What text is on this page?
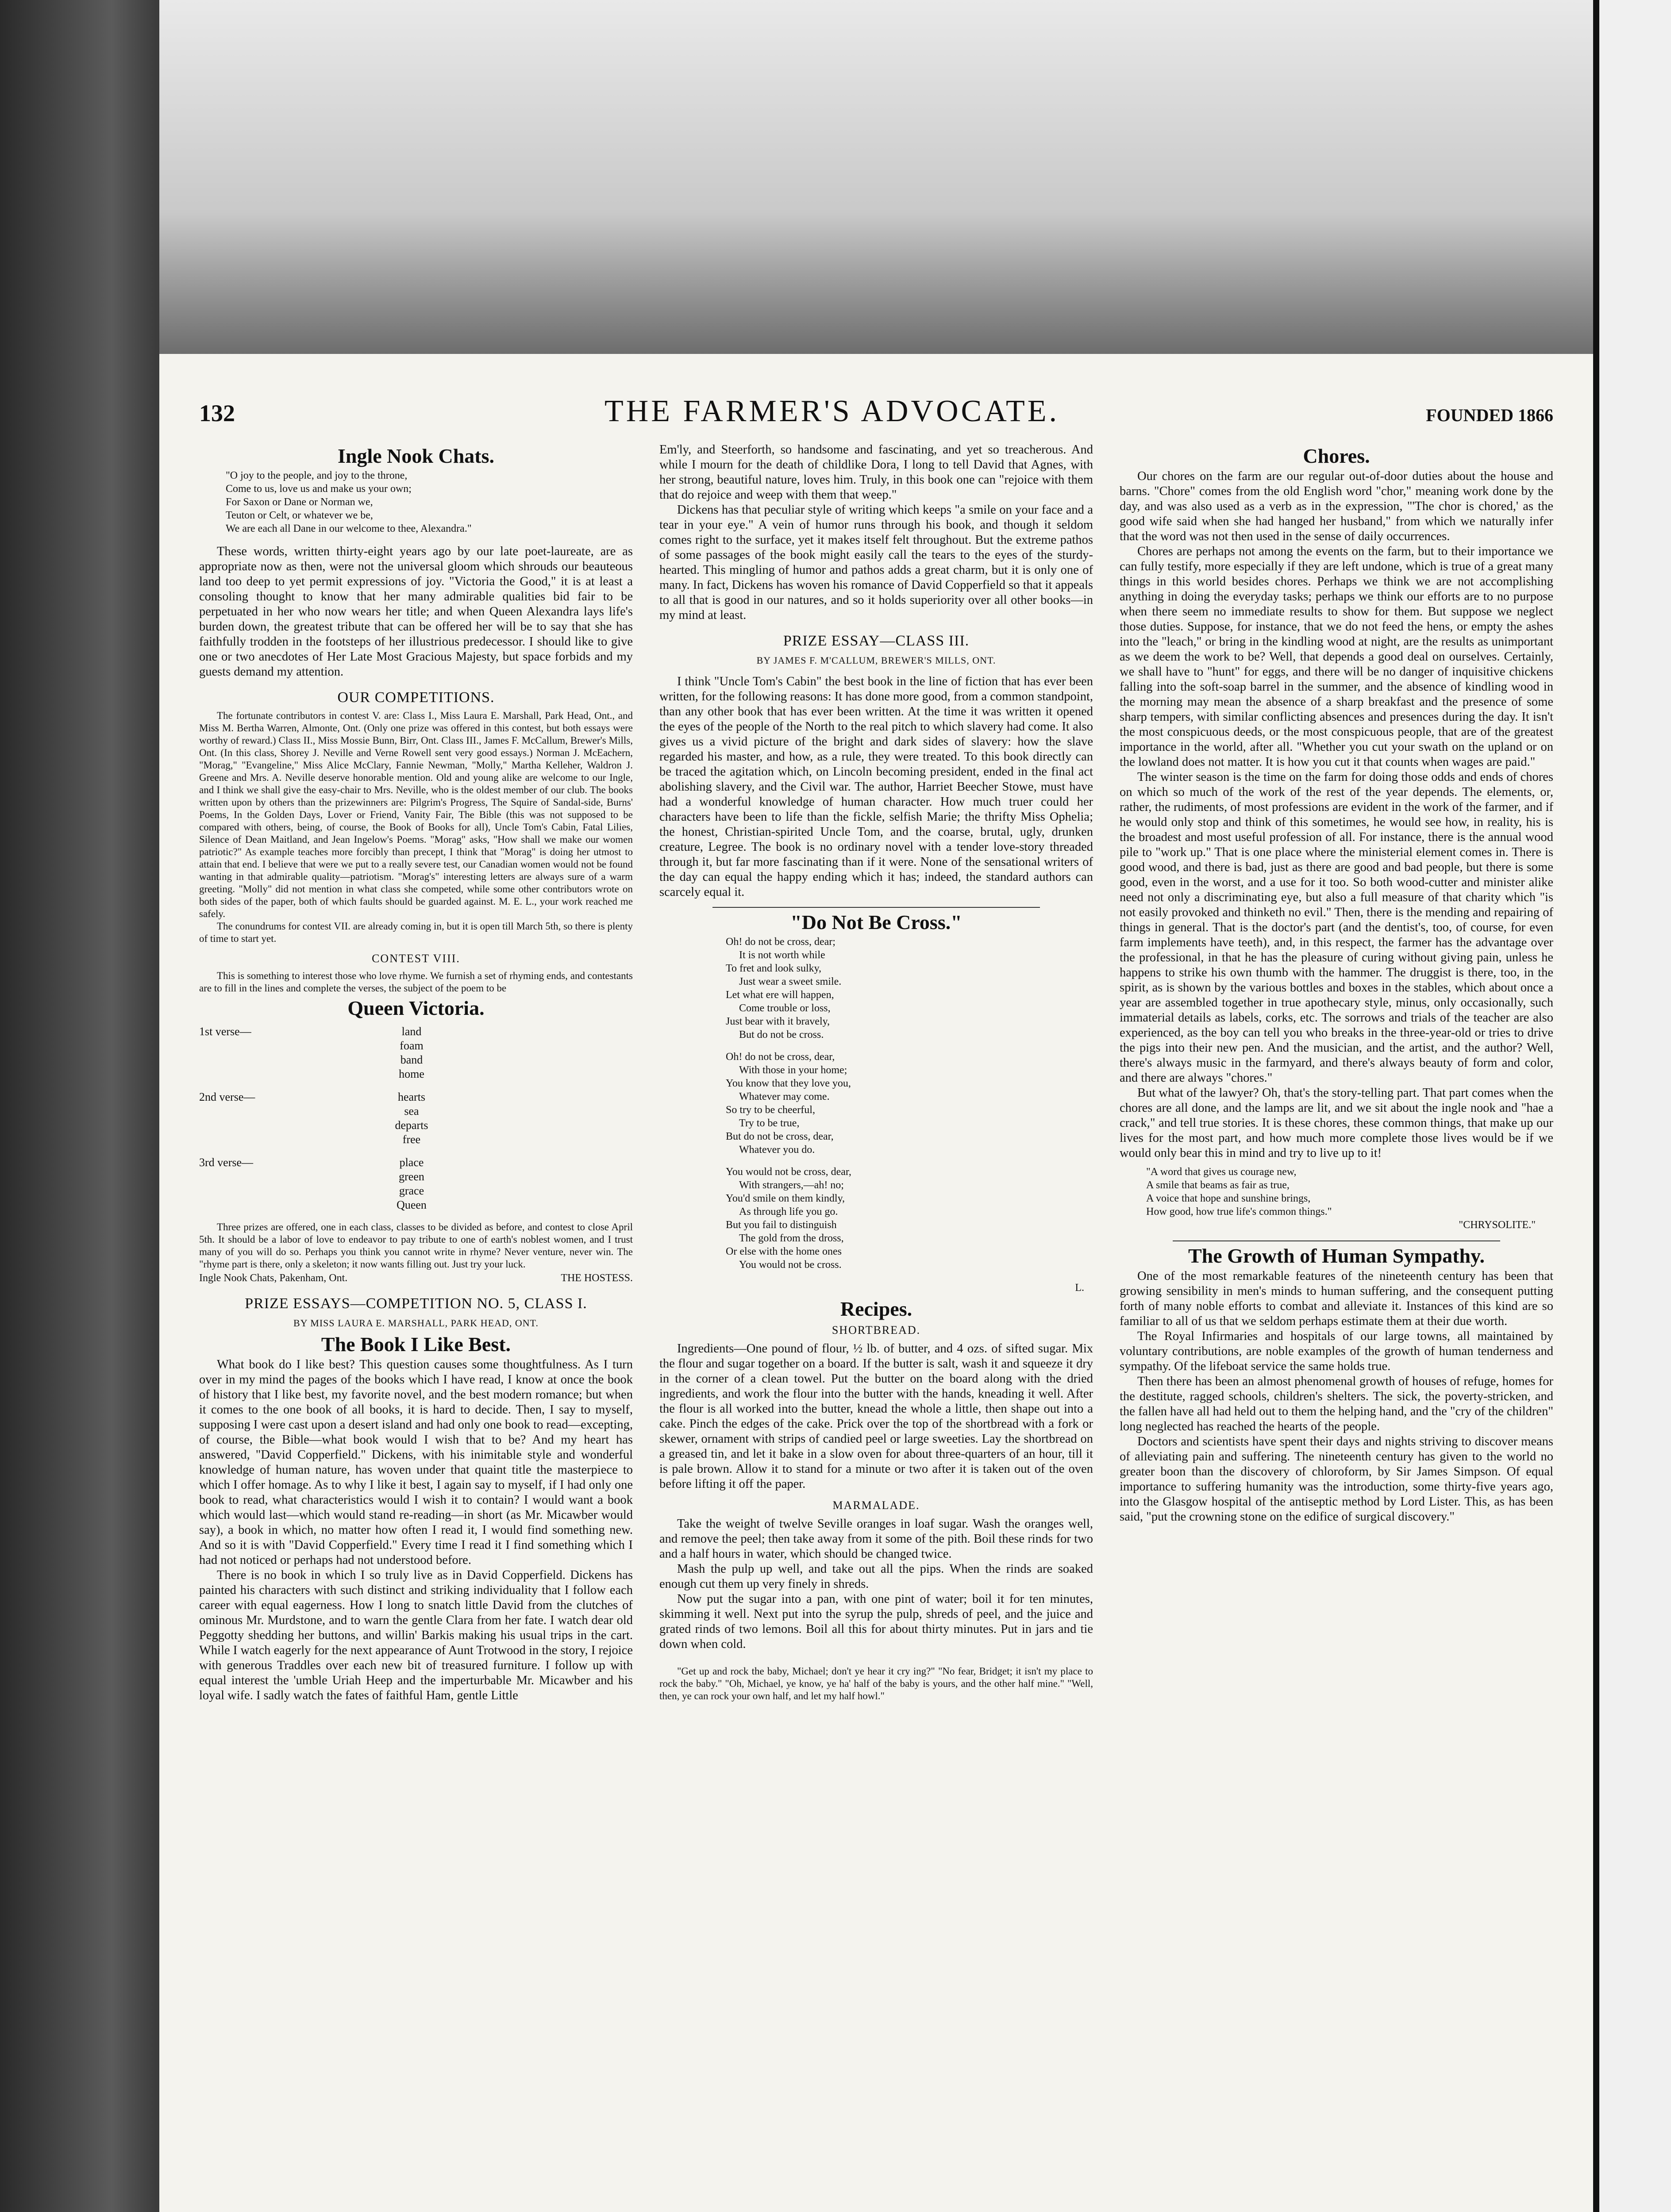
132	THE FARMER'S ADVOCATE.	FOUNDED 1866
Ingle Nook Chats.
"O joy to the people, and joy to the throne,
Come to us, love us and make us your own;
For Saxon or Dane or Norman we,
Teuton or Celt, or whatever we be,
We are each all Dane in our welcome to thee, Alexandra."

These words, written thirty-eight years ago by our late poet-laureate, are as appropriate now as then, were not the universal gloom which shrouds our beauteous land too deep to yet permit expressions of joy. "Victoria the Good," it is at least a consoling thought to know that her many admirable qualities bid fair to be perpetuated in her who now wears her title; and when Queen Alexandra lays life's burden down, the greatest tribute that can be offered her will be to say that she has faithfully trodden in the footsteps of her illustrious predecessor. I should like to give one or two anecdotes of Her Late Most Gracious Majesty, but space forbids and my guests demand my attention.

OUR COMPETITIONS.

The fortunate contributors in contest V. are: Class I., Miss Laura E. Marshall, Park Head, Ont., and Miss M. Bertha Warren, Almonte, Ont. (Only one prize was offered in this contest, but both essays were worthy of reward.) Class II., Miss Mossie Bunn, Birr, Ont. Class III., James F. McCallum, Brewer's Mills, Ont. (In this class, Shorey J. Neville and Verne Rowell sent very good essays.) Norman J. McEachern, "Morag," "Evangeline," Miss Alice McClary, Fannie Newman, "Molly," Martha Kelleher, Waldron J. Greene and Mrs. A. Neville deserve honorable mention. Old and young alike are welcome to our Ingle, and I think we shall give the easy-chair to Mrs. Neville, who is the oldest member of our club. The books written upon by others than the prizewinners are: Pilgrim's Progress, The Squire of Sandal-side, Burns' Poems, In the Golden Days, Lover or Friend, Vanity Fair, The Bible (this was not supposed to be compared with others, being, of course, the Book of Books for all), Uncle Tom's Cabin, Fatal Lilies, Silence of Dean Maitland, and Jean Ingelow's Poems. "Morag" asks, "How shall we make our women patriotic?" As example teaches more forcibly than precept, I think that "Morag" is doing her utmost to attain that end. I believe that were we put to a really severe test, our Canadian women would not be found wanting in that admirable quality—patriotism. "Morag's" interesting letters are always sure of a warm greeting. "Molly" did not mention in what class she competed, while some other contributors wrote on both sides of the paper, both of which faults should be guarded against. M. E. L., your work reached me safely.

The conundrums for contest VII. are already coming in, but it is open till March 5th, so there is plenty of time to start yet.

CONTEST VIII.

This is something to interest those who love rhyme. We furnish a set of rhyming ends, and contestants are to fill in the lines and complete the verses, the subject of the poem to be

Queen Victoria.
1st verse—	land
foam
band
home
2nd verse—	hearts
sea
departs
free
3rd verse—	place
green
grace
Queen

Three prizes are offered, one in each class, classes to be divided as before, and contest to close April 5th. It should be a labor of love to endeavor to pay tribute to one of earth's noblest women, and I trust many of you will do so. Perhaps you think you cannot write in rhyme? Never venture, never win. The "rhyme part is there, only a skeleton; it now wants filling out. Just try your luck.

Ingle Nook Chats, Pakenham, Ont.	THE HOSTESS.
PRIZE ESSAYS—COMPETITION NO. 5, CLASS I.
BY MISS LAURA E. MARSHALL, PARK HEAD, ONT.
The Book I Like Best.

What book do I like best? This question causes some thoughtfulness. As I turn over in my mind the pages of the books which I have read, I know at once the book of history that I like best, my favorite novel, and the best modern romance; but when it comes to the one book of all books, it is hard to decide. Then, I say to myself, supposing I were cast upon a desert island and had only one book to read—excepting, of course, the Bible—what book would I wish that to be? And my heart has answered, "David Copperfield." Dickens, with his inimitable style and wonderful knowledge of human nature, has woven under that quaint title the masterpiece to which I offer homage. As to why I like it best, I again say to myself, if I had only one book to read, what characteristics would I wish it to contain? I would want a book which would last—which would stand re-reading—in short (as Mr. Micawber would say), a book in which, no matter how often I read it, I would find something new. And so it is with "David Copperfield." Every time I read it I find something which I had not noticed or perhaps had not understood before.

There is no book in which I so truly live as in David Copperfield. Dickens has painted his characters with such distinct and striking individuality that I follow each career with equal eagerness. How I long to snatch little David from the clutches of ominous Mr. Murdstone, and to warn the gentle Clara from her fate. I watch dear old Peggotty shedding her buttons, and willin' Barkis making his usual trips in the cart. While I watch eagerly for the next appearance of Aunt Trotwood in the story, I rejoice with generous Traddles over each new bit of treasured furniture. I follow up with equal interest the 'umble Uriah Heep and the imperturbable Mr. Micawber and his loyal wife. I sadly watch the fates of faithful Ham, gentle Little

Em'ly, and Steerforth, so handsome and fascinating, and yet so treacherous. And while I mourn for the death of childlike Dora, I long to tell David that Agnes, with her strong, beautiful nature, loves him. Truly, in this book one can "rejoice with them that do rejoice and weep with them that weep."

Dickens has that peculiar style of writing which keeps "a smile on your face and a tear in your eye." A vein of humor runs through his book, and though it seldom comes right to the surface, yet it makes itself felt throughout. But the extreme pathos of some passages of the book might easily call the tears to the eyes of the sturdy-hearted. This mingling of humor and pathos adds a great charm, but it is only one of many. In fact, Dickens has woven his romance of David Copperfield so that it appeals to all that is good in our natures, and so it holds superiority over all other books—in my mind at least.

PRIZE ESSAY—CLASS III.
BY JAMES F. M'CALLUM, BREWER'S MILLS, ONT.

I think "Uncle Tom's Cabin" the best book in the line of fiction that has ever been written, for the following reasons: It has done more good, from a common standpoint, than any other book that has ever been written. At the time it was written it opened the eyes of the people of the North to the real pitch to which slavery had come. It also gives us a vivid picture of the bright and dark sides of slavery: how the slave regarded his master, and how, as a rule, they were treated. To this book directly can be traced the agitation which, on Lincoln becoming president, ended in the final act abolishing slavery, and the Civil war. The author, Harriet Beecher Stowe, must have had a wonderful knowledge of human character. How much truer could her characters have been to life than the fickle, selfish Marie; the thrifty Miss Ophelia; the honest, Christian-spirited Uncle Tom, and the coarse, brutal, ugly, drunken creature, Legree. The book is no ordinary novel with a tender love-story threaded through it, but far more fascinating than if it were. None of the sensational writers of the day can equal the happy ending which it has; indeed, the standard authors can scarcely equal it.

"Do Not Be Cross."
Oh! do not be cross, dear;
It is not worth while
To fret and look sulky,
Just wear a sweet smile.
Let what ere will happen,
Come trouble or loss,
Just bear with it bravely,
But do not be cross.
Oh! do not be cross, dear,
With those in your home;
You know that they love you,
Whatever may come.
So try to be cheerful,
Try to be true,
But do not be cross, dear,
Whatever you do.
You would not be cross, dear,
With strangers,—ah! no;
You'd smile on them kindly,
As through life you go.
But you fail to distinguish
The gold from the dross,
Or else with the home ones
You would not be cross.
L.
Recipes.
SHORTBREAD.

Ingredients—One pound of flour, ½ lb. of butter, and 4 ozs. of sifted sugar. Mix the flour and sugar together on a board. If the butter is salt, wash it and squeeze it dry in the corner of a clean towel. Put the butter on the board along with the dried ingredients, and work the flour into the butter with the hands, kneading it well. After the flour is all worked into the butter, knead the whole a little, then shape out into a cake. Pinch the edges of the cake. Prick over the top of the shortbread with a fork or skewer, ornament with strips of candied peel or large sweeties. Lay the shortbread on a greased tin, and let it bake in a slow oven for about three-quarters of an hour, till it is pale brown. Allow it to stand for a minute or two after it is taken out of the oven before lifting it off the paper.

MARMALADE.

Take the weight of twelve Seville oranges in loaf sugar. Wash the oranges well, and remove the peel; then take away from it some of the pith. Boil these rinds for two and a half hours in water, which should be changed twice.

Mash the pulp up well, and take out all the pips. When the rinds are soaked enough cut them up very finely in shreds.

Now put the sugar into a pan, with one pint of water; boil it for ten minutes, skimming it well. Next put into the syrup the pulp, shreds of peel, and the juice and grated rinds of two lemons. Boil all this for about thirty minutes. Put in jars and tie down when cold.

"Get up and rock the baby, Michael; don't ye hear it cry ing?" "No fear, Bridget; it isn't my place to rock the baby." "Oh, Michael, ye know, ye ha' half of the baby is yours, and the other half mine." "Well, then, ye can rock your own half, and let my half howl."

Chores.

Our chores on the farm are our regular out-of-door duties about the house and barns. "Chore" comes from the old English word "chor," meaning work done by the day, and was also used as a verb as in the expression, "'The chor is chored,' as the good wife said when she had hanged her husband," from which we naturally infer that the word was not then used in the sense of daily occurrences.

Chores are perhaps not among the events on the farm, but to their importance we can fully testify, more especially if they are left undone, which is true of a great many things in this world besides chores. Perhaps we think we are not accomplishing anything in doing the everyday tasks; perhaps we think our efforts are to no purpose when there seem no immediate results to show for them. But suppose we neglect those duties. Suppose, for instance, that we do not feed the hens, or empty the ashes into the "leach," or bring in the kindling wood at night, are the results as unimportant as we deem the work to be? Well, that depends a good deal on ourselves. Certainly, we shall have to "hunt" for eggs, and there will be no danger of inquisitive chickens falling into the soft-soap barrel in the summer, and the absence of kindling wood in the morning may mean the absence of a sharp breakfast and the presence of some sharp tempers, with similar conflicting absences and presences during the day. It isn't the most conspicuous deeds, or the most conspicuous people, that are of the greatest importance in the world, after all. "Whether you cut your swath on the upland or on the lowland does not matter. It is how you cut it that counts when wages are paid."

The winter season is the time on the farm for doing those odds and ends of chores on which so much of the work of the rest of the year depends. The elements, or, rather, the rudiments, of most professions are evident in the work of the farmer, and if he would only stop and think of this sometimes, he would see how, in reality, his is the broadest and most useful profession of all. For instance, there is the annual wood pile to "work up." That is one place where the ministerial element comes in. There is good wood, and there is bad, just as there are good and bad people, but there is some good, even in the worst, and a use for it too. So both wood-cutter and minister alike need not only a discriminating eye, but also a full measure of that charity which "is not easily provoked and thinketh no evil." Then, there is the mending and repairing of things in general. That is the doctor's part (and the dentist's, too, of course, for even farm implements have teeth), and, in this respect, the farmer has the advantage over the professional, in that he has the pleasure of curing without giving pain, unless he happens to strike his own thumb with the hammer. The druggist is there, too, in the spirit, as is shown by the various bottles and boxes in the stables, which about once a year are assembled together in true apothecary style, minus, only occasionally, such immaterial details as labels, corks, etc. The sorrows and trials of the teacher are also experienced, as the boy can tell you who breaks in the three-year-old or tries to drive the pigs into their new pen. And the musician, and the artist, and the author? Well, there's always music in the farmyard, and there's always beauty of form and color, and there are always "chores."

But what of the lawyer? Oh, that's the story-telling part. That part comes when the chores are all done, and the lamps are lit, and we sit about the ingle nook and "hae a crack," and tell true stories. It is these chores, these common things, that make up our lives for the most part, and how much more complete those lives would be if we would only bear this in mind and try to live up to it!

"A word that gives us courage new,
A smile that beams as fair as true,
A voice that hope and sunshine brings,
How good, how true life's common things."
"CHRYSOLITE."
The Growth of Human Sympathy.

One of the most remarkable features of the nineteenth century has been that growing sensibility in men's minds to human suffering, and the consequent putting forth of many noble efforts to combat and alleviate it. Instances of this kind are so familiar to all of us that we seldom perhaps estimate them at their due worth.

The Royal Infirmaries and hospitals of our large towns, all maintained by voluntary contributions, are noble examples of the growth of human tenderness and sympathy. Of the lifeboat service the same holds true.

Then there has been an almost phenomenal growth of houses of refuge, homes for the destitute, ragged schools, children's shelters. The sick, the poverty-stricken, and the fallen have all had held out to them the helping hand, and the "cry of the children" long neglected has reached the hearts of the people.

Doctors and scientists have spent their days and nights striving to discover means of alleviating pain and suffering. The nineteenth century has given to the world no greater boon than the discovery of chloroform, by Sir James Simpson. Of equal importance to suffering humanity was the introduction, some thirty-five years ago, into the Glasgow hospital of the antiseptic method by Lord Lister. This, as has been said, "put the crowning stone on the edifice of surgical discovery."
